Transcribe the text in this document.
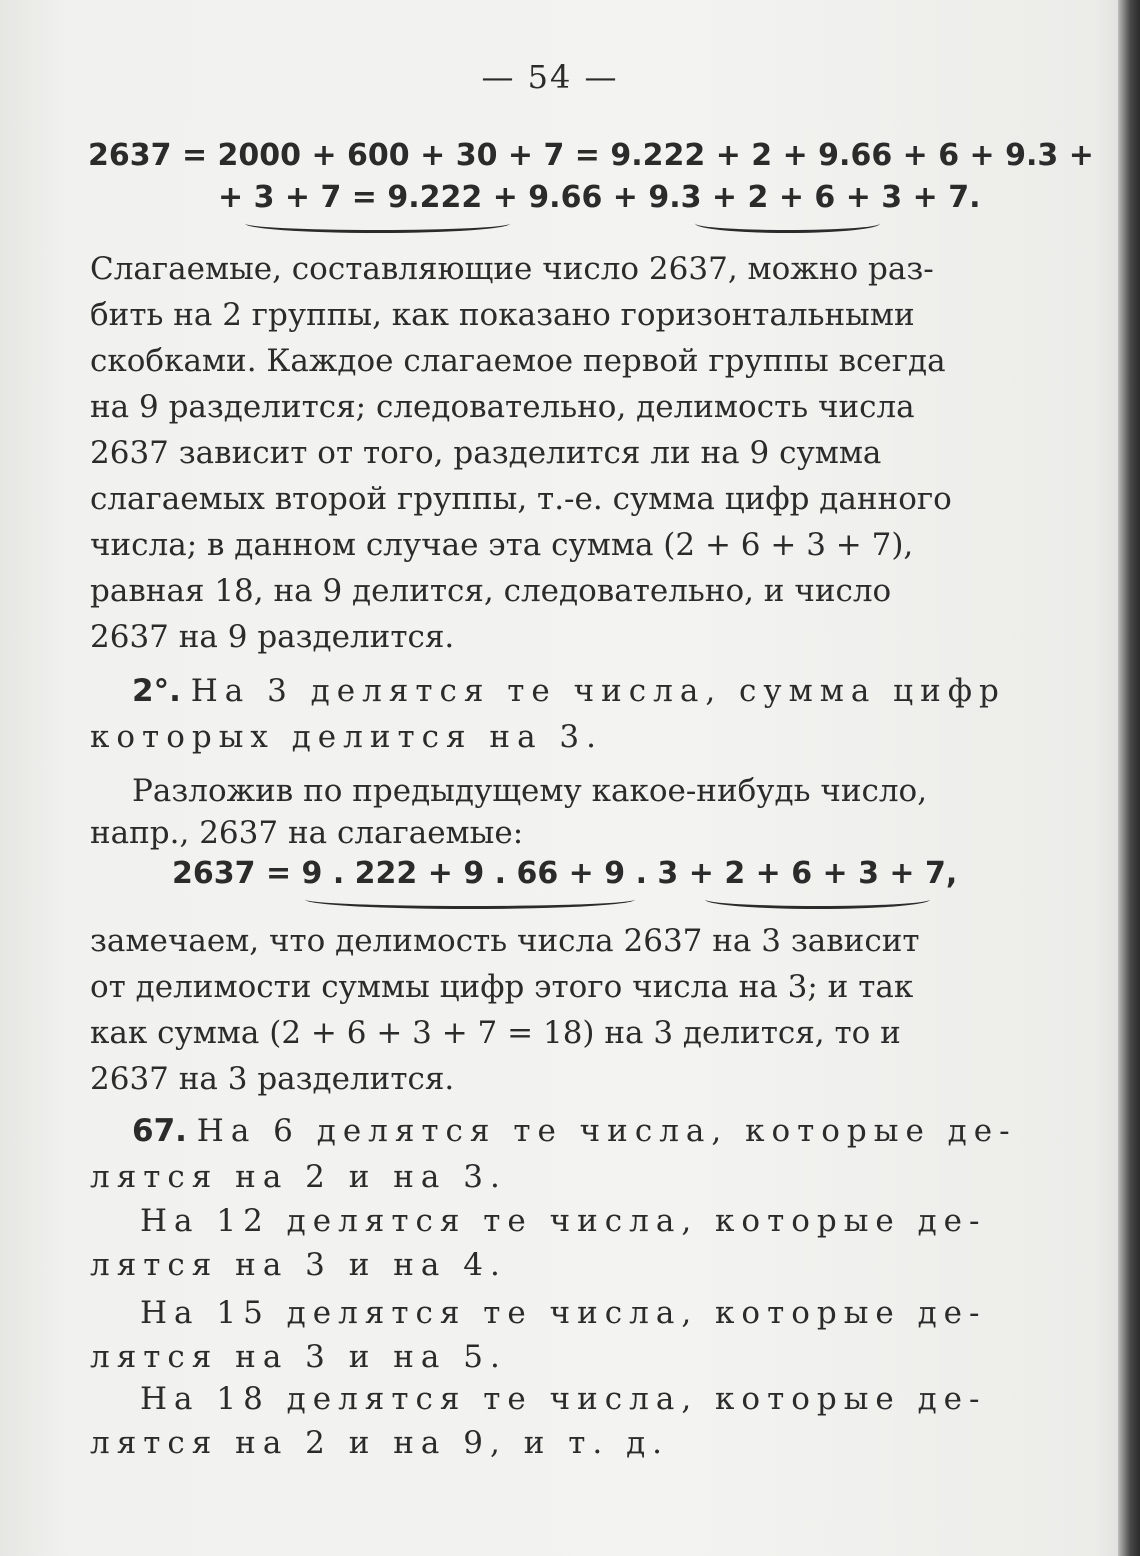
— 54 —
2637 = 2000 + 600 + 30 + 7 = 9.222 + 2 + 9.66 + 6 + 9.3 +
+ 3 + 7 = 9.222 + 9.66 + 9.3 + 2 + 6 + 3 + 7.
Слагаемые, составляющие число 2637, можно раз-
бить на 2 группы, как показано горизонтальными
скобками. Каждое слагаемое первой группы всегда
на 9 разделится; следовательно, делимость числа
2637 зависит от того, разделится ли на 9 сумма
слагаемых второй группы, т.-е. сумма цифр данного
числа; в данном случае эта сумма (2 + 6 + 3 + 7),
равная 18, на 9 делится, следовательно, и число
2637 на 9 разделится.
2°. На 3 делятся те числа, сумма цифр
которых делится на 3.
Разложив по предыдущему какое-нибудь число,
напр., 2637 на слагаемые:
2637 = 9 . 222 + 9 . 66 + 9 . 3 + 2 + 6 + 3 + 7,
замечаем, что делимость числа 2637 на 3 зависит
от делимости суммы цифр этого числа на 3; и так
как сумма (2 + 6 + 3 + 7 = 18) на 3 делится, то и
2637 на 3 разделится.
67. На 6 делятся те числа, которые де-
лятся на 2 и на 3.
На 12 делятся те числа, которые де-
лятся на 3 и на 4.
На 15 делятся те числа, которые де-
лятся на 3 и на 5.
На 18 делятся те числа, которые де-
лятся на 2 и на 9, и т. д.
